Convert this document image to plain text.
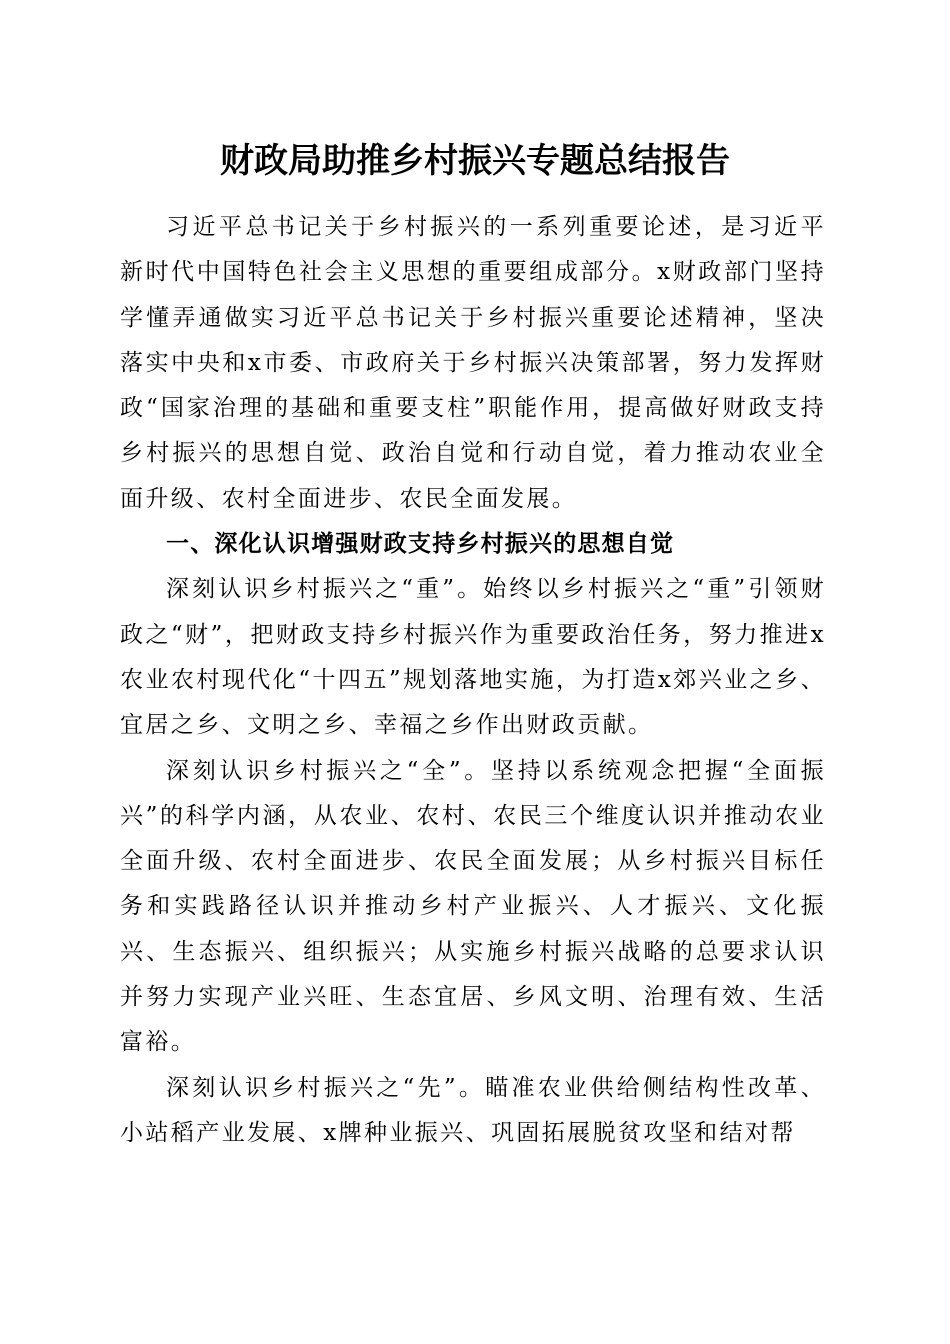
财政局助推乡村振兴专题总结报告

习近平总书记关于乡村振兴的一系列重要论述，是习近平新时代中国特色社会主义思想的重要组成部分。x财政部门坚持学懂弄通做实习近平总书记关于乡村振兴重要论述精神，坚决落实中央和x市委、市政府关于乡村振兴决策部署，努力发挥财政“国家治理的基础和重要支柱”职能作用，提高做好财政支持乡村振兴的思想自觉、政治自觉和行动自觉，着力推动农业全面升级、农村全面进步、农民全面发展。

一、深化认识增强财政支持乡村振兴的思想自觉

深刻认识乡村振兴之“重”。始终以乡村振兴之“重”引领财政之“财”，把财政支持乡村振兴作为重要政治任务，努力推进x农业农村现代化“十四五”规划落地实施，为打造x郊兴业之乡、宜居之乡、文明之乡、幸福之乡作出财政贡献。

深刻认识乡村振兴之“全”。坚持以系统观念把握“全面振兴”的科学内涵，从农业、农村、农民三个维度认识并推动农业全面升级、农村全面进步、农民全面发展；从乡村振兴目标任务和实践路径认识并推动乡村产业振兴、人才振兴、文化振兴、生态振兴、组织振兴；从实施乡村振兴战略的总要求认识并努力实现产业兴旺、生态宜居、乡风文明、治理有效、生活富裕。

深刻认识乡村振兴之“先”。瞄准农业供给侧结构性改革、小站稻产业发展、x牌种业振兴、巩固拓展脱贫攻坚和结对帮
